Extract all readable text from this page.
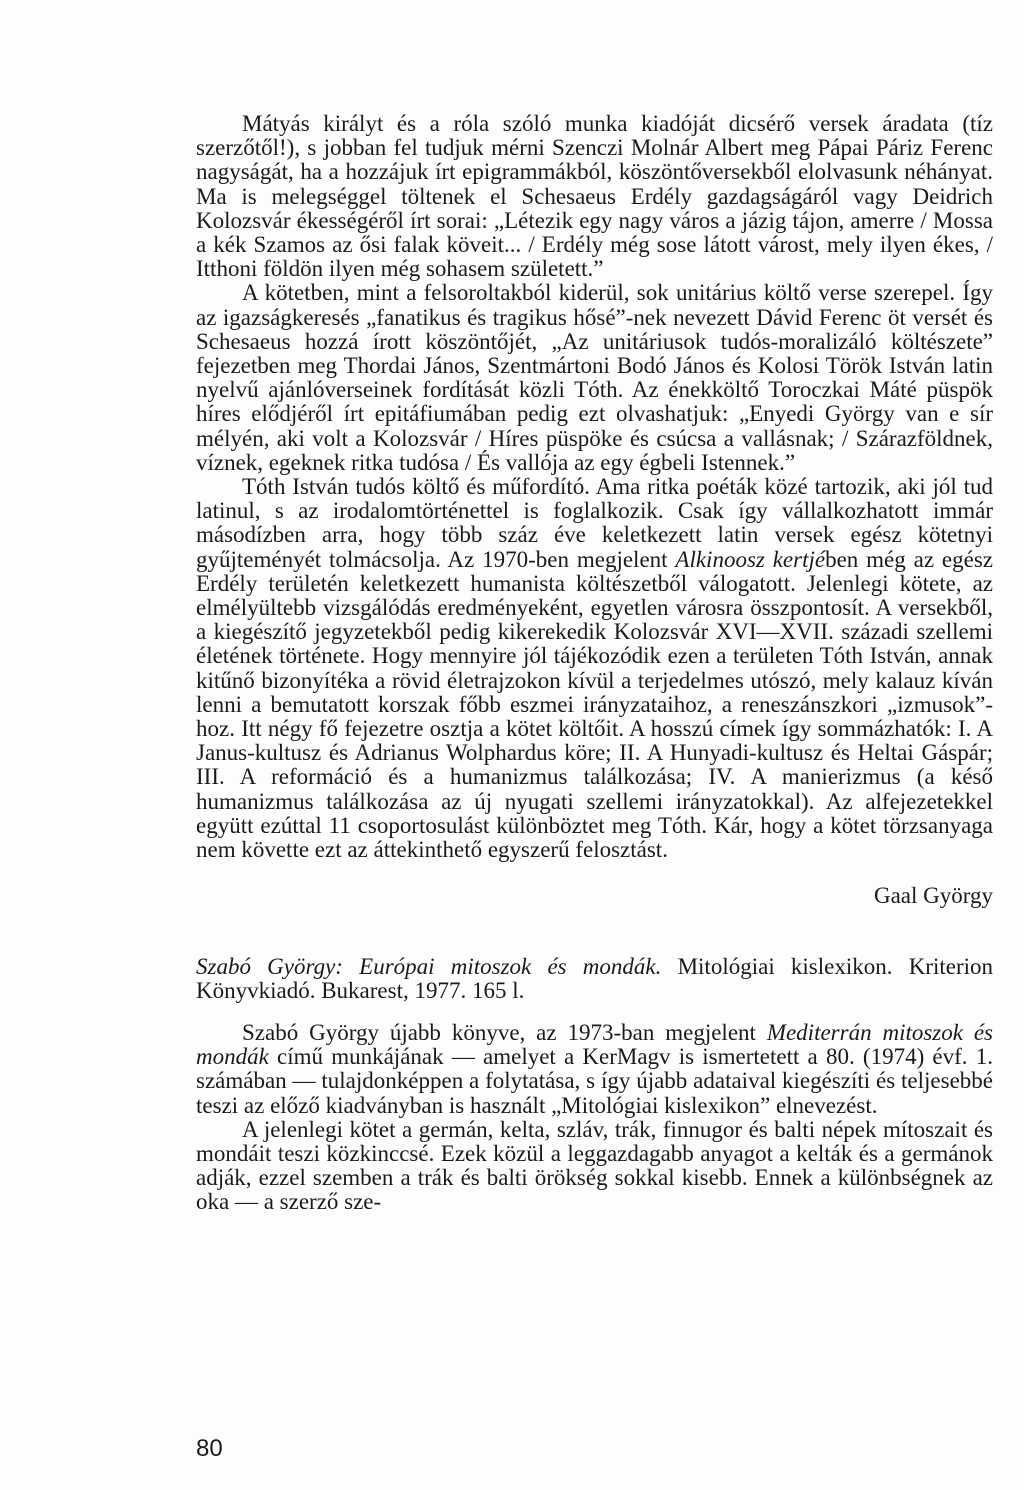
Mátyás királyt és a róla szóló munka kiadóját dicsérő versek áradata (tíz szerzőtől!), s jobban fel tudjuk mérni Szenczi Molnár Albert meg Pápai Páriz Ferenc nagyságát, ha a hozzájuk írt epigrammákból, köszöntőversekből elolvasunk néhányat. Ma is melegséggel töltenek el Schesaeus Erdély gazdagságáról vagy Deidrich Kolozsvár ékességéről írt sorai: „Létezik egy nagy város a jázig tájon, amerre / Mossa a kék Szamos az ősi falak köveit... / Erdély még sose látott várost, mely ilyen ékes, / Itthoni földön ilyen még sohasem született.”

A kötetben, mint a felsoroltakból kiderül, sok unitárius költő verse szerepel. Így az igazságkeresés „fanatikus és tragikus hősé”-nek nevezett Dávid Ferenc öt versét és Schesaeus hozzá írott köszöntőjét, „Az unitáriusok tudós-moralizáló költészete” fejezetben meg Thordai János, Szentmártoni Bodó János és Kolosi Török István latin nyelvű ajánlóverseinek fordítását közli Tóth. Az énekköltő Toroczkai Máté püspök híres elődjéről írt epitáfiumában pedig ezt olvashatjuk: „Enyedi György van e sír mélyén, aki volt a Kolozsvár / Híres püspöke és csúcsa a vallásnak; / Szárazföldnek, víznek, egeknek ritka tudósa / És vallója az egy égbeli Istennek.”

Tóth István tudós költő és műfordító. Ama ritka poéták közé tartozik, aki jól tud latinul, s az irodalomtörténettel is foglalkozik. Csak így vállalkozhatott immár másodízben arra, hogy több száz éve keletkezett latin versek egész kötetnyi gyűjteményét tolmácsolja. Az 1970-ben megjelent Alkinoosz kertjében még az egész Erdély területén keletkezett humanista költészetből válogatott. Jelenlegi kötete, az elmélyültebb vizsgálódás eredményeként, egyetlen városra összpontosít. A versekből, a kiegészítő jegyzetekből pedig kikerekedik Kolozsvár XVI—XVII. századi szellemi életének története. Hogy mennyire jól tájékozódik ezen a területen Tóth István, annak kitűnő bizonyítéka a rövid életrajzokon kívül a terjedelmes utószó, mely kalauz kíván lenni a bemutatott korszak főbb eszmei irányzataihoz, a reneszánszkori „izmusok”-hoz. Itt négy fő fejezetre osztja a kötet költőit. A hosszú címek így sommázhatók: I. A Janus-kultusz és Adrianus Wolphardus köre; II. A Hunyadi-kultusz és Heltai Gáspár; III. A reformáció és a humanizmus találkozása; IV. A manierizmus (a késő humanizmus találkozása az új nyugati szellemi irányzatokkal). Az alfejezetekkel együtt ezúttal 11 csoportosulást különböztet meg Tóth. Kár, hogy a kötet törzsanyaga nem követte ezt az áttekinthető egyszerű felosztást.

Gaal György

Szabó György: Európai mitoszok és mondák. Mitológiai kislexikon. Kriterion Könyvkiadó. Bukarest, 1977. 165 l.

Szabó György újabb könyve, az 1973-ban megjelent Mediterrán mitoszok és mondák című munkájának — amelyet a KerMagv is ismertetett a 80. (1974) évf. 1. számában — tulajdonképpen a folytatása, s így újabb adataival kiegészíti és teljesebbé teszi az előző kiadványban is használt „Mitológiai kislexikon” elnevezést.

A jelenlegi kötet a germán, kelta, szláv, trák, finnugor és balti népek mítoszait és mondáit teszi közkinccsé. Ezek közül a leggazdagabb anyagot a kelták és a germánok adják, ezzel szemben a trák és balti örökség sokkal kisebb. Ennek a különbségnek az oka — a szerző sze-

80
